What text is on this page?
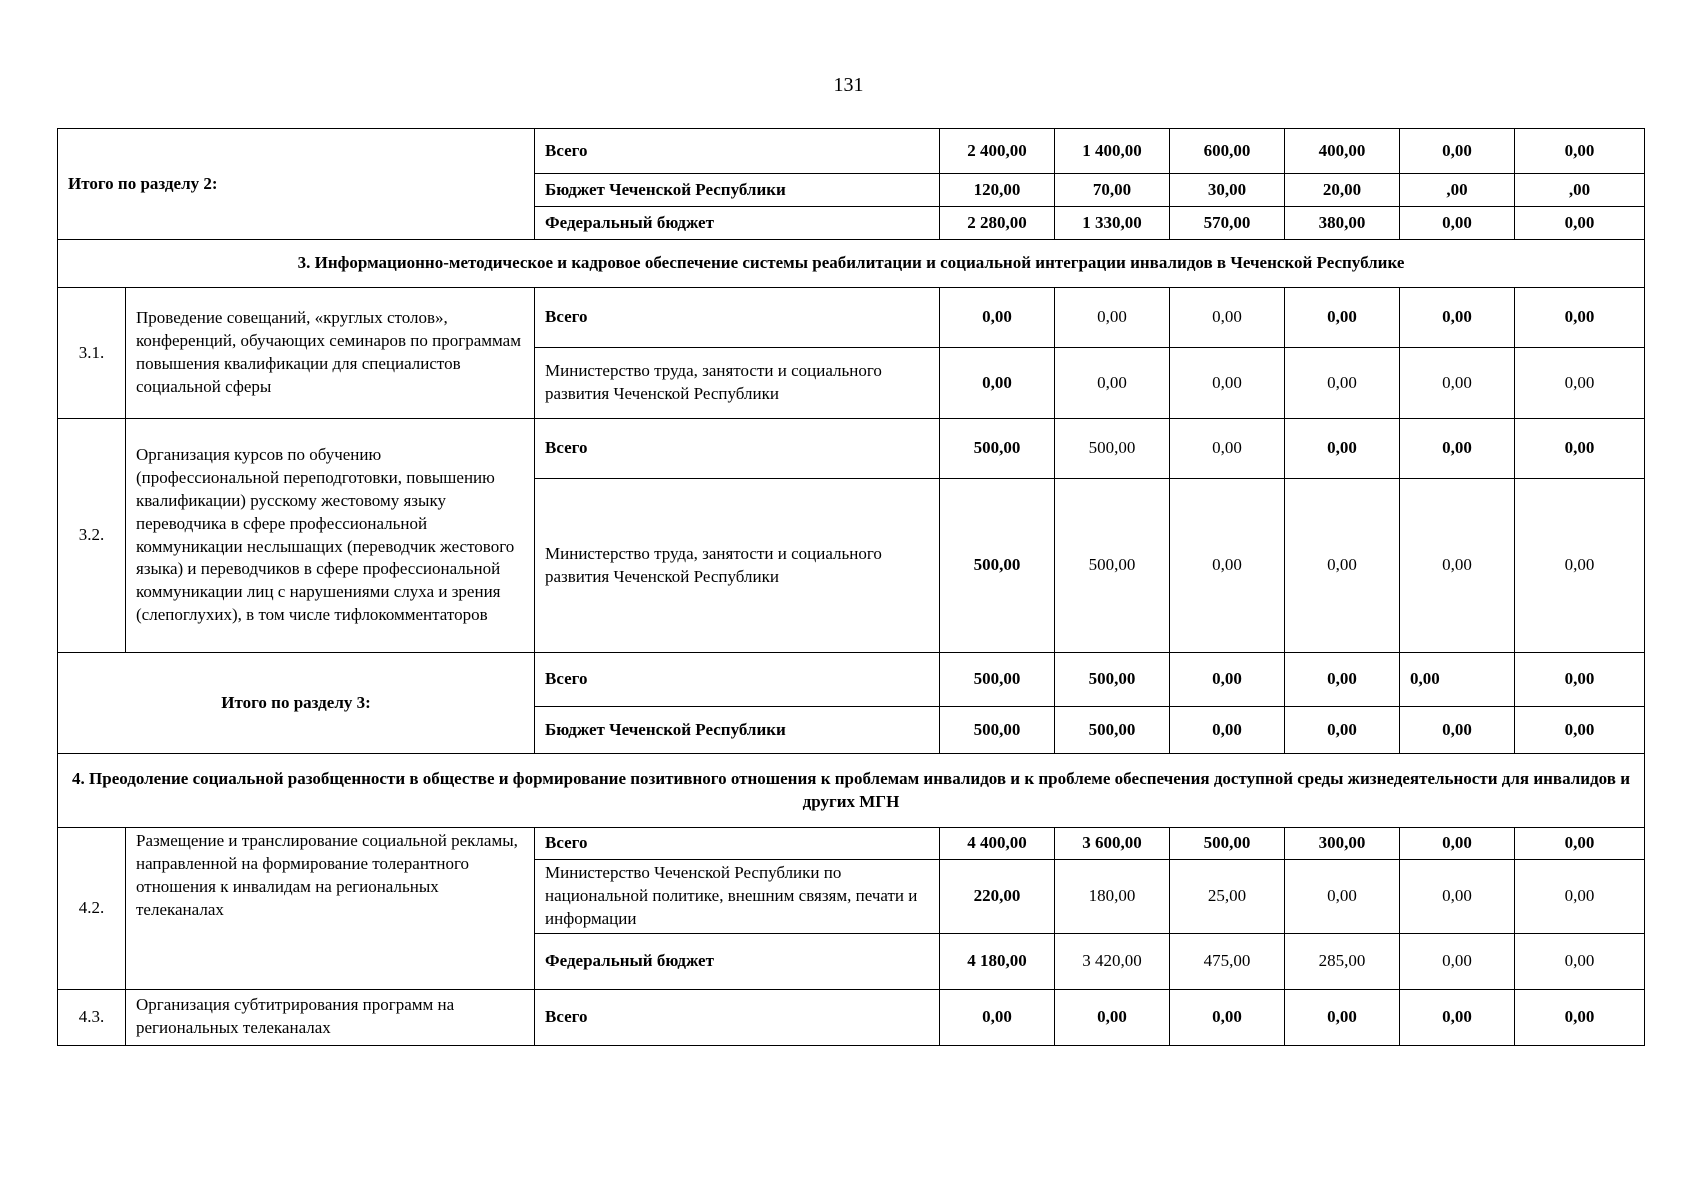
131
Итого по разделу 2:		Всего	2 400,00	1 400,00	600,00	400,00	0,00	0,00
		Бюджет Чеченской Республики	120,00	70,00	30,00	20,00	,00	,00
		Федеральный бюджет	2 280,00	1 330,00	570,00	380,00	0,00	0,00
3. Информационно-методическое и кадровое обеспечение системы реабилитации и социальной интеграции инвалидов в Чеченской Республике								
3.1.	Проведение совещаний, «круглых столов», конференций, обучающих семинаров по программам повышения квалификации для специалистов социальной сферы	Всего	0,00	0,00	0,00	0,00	0,00	0,00
		Министерство труда, занятости и социального развития Чеченской Республики	0,00	0,00	0,00	0,00	0,00	0,00
3.2.	Организация курсов по обучению (профессиональной переподготовки, повышению квалификации) русскому жестовому языку переводчика в сфере профессиональной коммуникации неслышащих (переводчик жестового языка) и переводчиков в сфере профессиональной коммуникации лиц с нарушениями слуха и зрения (слепоглухих), в том числе тифлокомментаторов	Всего	500,00	500,00	0,00	0,00	0,00	0,00
		Министерство труда, занятости и социального развития Чеченской Республики	500,00	500,00	0,00	0,00	0,00	0,00
Итого по разделу 3:		Всего	500,00	500,00	0,00	0,00	0,00	0,00
		Бюджет Чеченской Республики	500,00	500,00	0,00	0,00	0,00	0,00
4. Преодоление социальной разобщенности в обществе и формирование позитивного отношения к проблемам инвалидов и к проблеме обеспечения доступной среды жизнедеятельности для инвалидов и других МГН								
4.2.	Размещение и транслирование социальной рекламы, направленной на формирование толерантного отношения к инвалидам на региональных телеканалах	Всего	4 400,00	3 600,00	500,00	300,00	0,00	0,00
		Министерство Чеченской Республики по национальной политике, внешним связям, печати и информации	220,00	180,00	25,00	0,00	0,00	0,00
		Федеральный бюджет	4 180,00	3 420,00	475,00	285,00	0,00	0,00
4.3.	Организация субтитрирования программ на региональных телеканалах	Всего	0,00	0,00	0,00	0,00	0,00	0,00
